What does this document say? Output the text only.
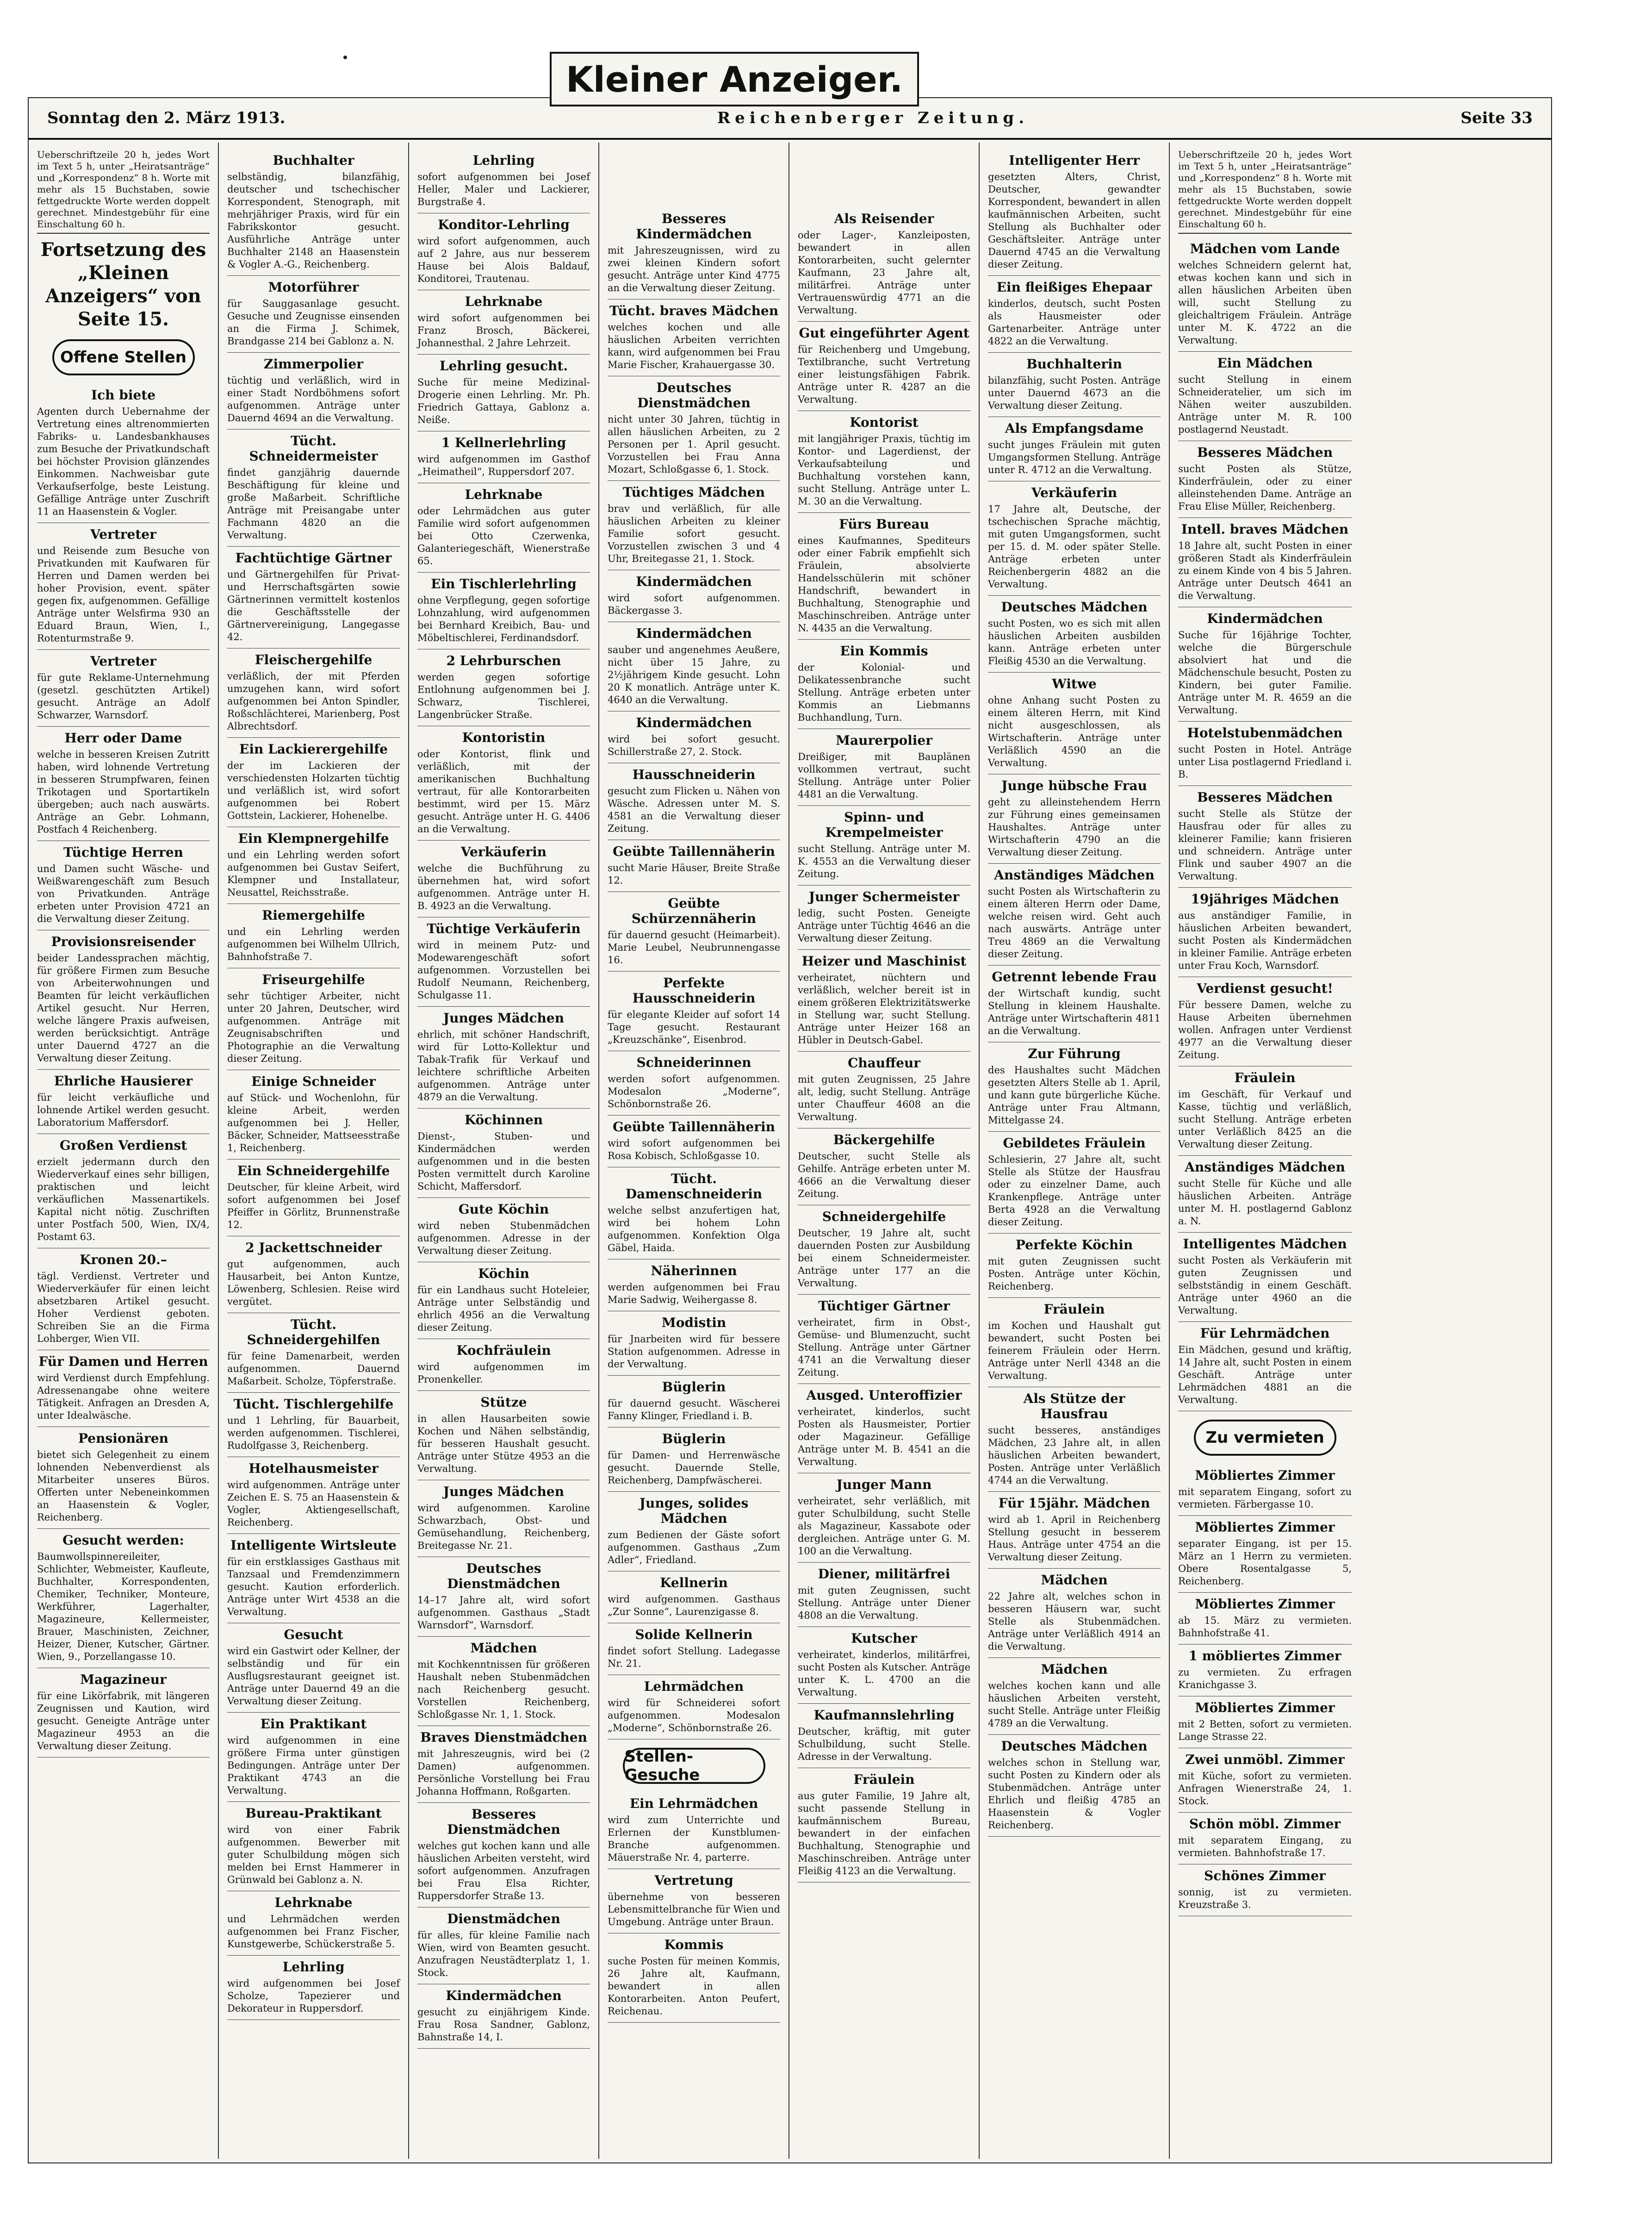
Sonntag den 2. März 1913.	Reichenberger Zeitung.	Seite 33
Ueberschriftzeile 20 h, jedes Wort im Text 5 h, unter „Heiratsanträge“ und „Korrespondenz“ 8 h. Worte mit mehr als 15 Buchstaben, sowie fettgedruckte Worte werden doppelt gerechnet. Mindestgebühr für eine Einschaltung 60 h.
Fortsetzung des „Kleinen Anzeigers“ von Seite 15.
Offene Stellen
Ich biete

Agenten durch Uebernahme der Vertretung eines altrenommierten Fabriks- u. Landesbankhauses zum Besuche der Privatkundschaft bei höchster Provision glänzendes Einkommen. Nachweisbar gute Verkaufserfolge, beste Leistung. Gefällige Anträge unter Zuschrift 11 an Haasenstein & Vogler.

Vertreter

und Reisende zum Besuche von Privatkunden mit Kaufwaren für Herren und Damen werden bei hoher Provision, event. später gegen fix, aufgenommen. Gefällige Anträge unter Welsfirma 930 an Eduard Braun, Wien, I., Rotenturmstraße 9.

Vertreter

für gute Reklame-Unternehmung (gesetzl. geschützten Artikel) gesucht. Anträge an Adolf Schwarzer, Warnsdorf.

Herr oder Dame

welche in besseren Kreisen Zutritt haben, wird lohnende Vertretung in besseren Strumpfwaren, feinen Trikotagen und Sportartikeln übergeben; auch nach auswärts. Anträge an Gebr. Lohmann, Postfach 4 Reichenberg.

Tüchtige Herren

und Damen sucht Wäsche- und Weißwarengeschäft zum Besuch von Privatkunden. Anträge erbeten unter Provision 4721 an die Verwaltung dieser Zeitung.

Provisionsreisender

beider Landessprachen mächtig, für größere Firmen zum Besuche von Arbeiterwohnungen und Beamten für leicht verkäuflichen Artikel gesucht. Nur Herren, welche längere Praxis aufweisen, werden berücksichtigt. Anträge unter Dauernd 4727 an die Verwaltung dieser Zeitung.

Ehrliche Hausierer

für leicht verkäufliche und lohnende Artikel werden gesucht. Laboratorium Maffersdorf.

Großen Verdienst

erzielt jedermann durch den Wiederverkauf eines sehr billigen, praktischen und leicht verkäuflichen Massenartikels. Kapital nicht nötig. Zuschriften unter Postfach 500, Wien, IX/4, Postamt 63.

Kronen 20.–

tägl. Verdienst. Vertreter und Wiederverkäufer für einen leicht absetzbaren Artikel gesucht. Hoher Verdienst geboten. Schreiben Sie an die Firma Lohberger, Wien VII.

Für Damen und Herren

wird Verdienst durch Empfehlung. Adressenangabe ohne weitere Tätigkeit. Anfragen an Dresden A, unter Idealwäsche.

Pensionären

bietet sich Gelegenheit zu einem lohnenden Nebenverdienst als Mitarbeiter unseres Büros. Offerten unter Nebeneinkommen an Haasenstein & Vogler, Reichenberg.

Gesucht werden:

Baumwollspinnereileiter, Schlichter, Webmeister, Kaufleute, Buchhalter, Korrespondenten, Chemiker, Techniker, Monteure, Werkführer, Lagerhalter, Magazineure, Kellermeister, Brauer, Maschinisten, Zeichner, Heizer, Diener, Kutscher, Gärtner. Wien, 9., Porzellangasse 10.

Magazineur

für eine Likörfabrik, mit längeren Zeugnissen und Kaution, wird gesucht. Geneigte Anträge unter Magazineur 4953 an die Verwaltung dieser Zeitung.

Buchhalter

selbständig, bilanzfähig, deutscher und tschechischer Korrespondent, Stenograph, mit mehrjähriger Praxis, wird für ein Fabrikskontor gesucht. Ausführliche Anträge unter Buchhalter 2148 an Haasenstein & Vogler A.-G., Reichenberg.

Motorführer

für Sauggasanlage gesucht. Gesuche und Zeugnisse einsenden an die Firma J. Schimek, Brandgasse 214 bei Gablonz a. N.

Zimmerpolier

tüchtig und verläßlich, wird in einer Stadt Nordböhmens sofort aufgenommen. Anträge unter Dauernd 4694 an die Verwaltung.

Tücht. Schneidermeister

findet ganzjährig dauernde Beschäftigung für kleine und große Maßarbeit. Schriftliche Anträge mit Preisangabe unter Fachmann 4820 an die Verwaltung.

Fachtüchtige Gärtner

und Gärtnergehilfen für Privat- und Herrschaftsgärten sowie Gärtnerinnen vermittelt kostenlos die Geschäftsstelle der Gärtnervereinigung, Langegasse 42.

Fleischergehilfe

verläßlich, der mit Pferden umzugehen kann, wird sofort aufgenommen bei Anton Spindler, Roßschlächterei, Marienberg, Post Albrechtsdorf.

Ein Lackierergehilfe

der im Lackieren der verschiedensten Holzarten tüchtig und verläßlich ist, wird sofort aufgenommen bei Robert Gottstein, Lackierer, Hohenelbe.

Ein Klempnergehilfe

und ein Lehrling werden sofort aufgenommen bei Gustav Seifert, Klempner und Installateur, Neusattel, Reichsstraße.

Riemergehilfe

und ein Lehrling werden aufgenommen bei Wilhelm Ullrich, Bahnhofstraße 7.

Friseurgehilfe

sehr tüchtiger Arbeiter, nicht unter 20 Jahren, Deutscher, wird aufgenommen. Anträge mit Zeugnisabschriften und Photographie an die Verwaltung dieser Zeitung.

Einige Schneider

auf Stück- und Wochenlohn, für kleine Arbeit, werden aufgenommen bei J. Heller, Bäcker, Schneider, Mattseesstraße 1, Reichenberg.

Ein Schneidergehilfe

Deutscher, für kleine Arbeit, wird sofort aufgenommen bei Josef Pfeiffer in Görlitz, Brunnenstraße 12.

2 Jackettschneider

gut aufgenommen, auch Hausarbeit, bei Anton Kuntze, Löwenberg, Schlesien. Reise wird vergütet.

Tücht. Schneidergehilfen

für feine Damenarbeit, werden aufgenommen. Dauernd Maßarbeit. Scholze, Töpferstraße.

Tücht. Tischlergehilfe

und 1 Lehrling, für Bauarbeit, werden aufgenommen. Tischlerei, Rudolfgasse 3, Reichenberg.

Hotelhausmeister

wird aufgenommen. Anträge unter Zeichen E. S. 75 an Haasenstein & Vogler, Aktiengesellschaft, Reichenberg.

Intelligente Wirtsleute

für ein erstklassiges Gasthaus mit Tanzsaal und Fremdenzimmern gesucht. Kaution erforderlich. Anträge unter Wirt 4538 an die Verwaltung.

Gesucht

wird ein Gastwirt oder Kellner, der selbständig und für ein Ausflugsrestaurant geeignet ist. Anträge unter Dauernd 49 an die Verwaltung dieser Zeitung.

Ein Praktikant

wird aufgenommen in eine größere Firma unter günstigen Bedingungen. Anträge unter Der Praktikant 4743 an die Verwaltung.

Bureau-Praktikant

wird von einer Fabrik aufgenommen. Bewerber mit guter Schulbildung mögen sich melden bei Ernst Hammerer in Grünwald bei Gablonz a. N.

Lehrknabe

und Lehrmädchen werden aufgenommen bei Franz Fischer, Kunstgewerbe, Schückerstraße 5.

Lehrling

wird aufgenommen bei Josef Scholze, Tapezierer und Dekorateur in Ruppersdorf.

Lehrling

sofort aufgenommen bei Josef Heller, Maler und Lackierer, Burgstraße 4.

Konditor-Lehrling

wird sofort aufgenommen, auch auf 2 Jahre, aus nur besserem Hause bei Alois Baldauf, Konditorei, Trautenau.

Lehrknabe

wird sofort aufgenommen bei Franz Brosch, Bäckerei, Johannesthal. 2 Jahre Lehrzeit.

Lehrling gesucht.

Suche für meine Medizinal-Drogerie einen Lehrling. Mr. Ph. Friedrich Gattaya, Gablonz a. Neiße.

1 Kellnerlehrling

wird aufgenommen im Gasthof „Heimatheil“, Ruppersdorf 207.

Lehrknabe

oder Lehrmädchen aus guter Familie wird sofort aufgenommen bei Otto Czerwenka, Galanteriegeschäft, Wienerstraße 65.

Ein Tischlerlehrling

ohne Verpflegung, gegen sofortige Lohnzahlung, wird aufgenommen bei Bernhard Kreibich, Bau- und Möbeltischlerei, Ferdinandsdorf.

2 Lehrburschen

werden gegen sofortige Entlohnung aufgenommen bei J. Schwarz, Tischlerei, Langenbrücker Straße.

Kontoristin

oder Kontorist, flink und verläßlich, mit der amerikanischen Buchhaltung vertraut, für alle Kontorarbeiten bestimmt, wird per 15. März gesucht. Anträge unter H. G. 4406 an die Verwaltung.

Verkäuferin

welche die Buchführung zu übernehmen hat, wird sofort aufgenommen. Anträge unter H. B. 4923 an die Verwaltung.

Tüchtige Verkäuferin

wird in meinem Putz- und Modewarengeschäft sofort aufgenommen. Vorzustellen bei Rudolf Neumann, Reichenberg, Schulgasse 11.

Junges Mädchen

ehrlich, mit schöner Handschrift, wird für Lotto-Kollektur und Tabak-Trafik für Verkauf und leichtere schriftliche Arbeiten aufgenommen. Anträge unter 4879 an die Verwaltung.

Köchinnen

Dienst-, Stuben- und Kindermädchen werden aufgenommen und in die besten Posten vermittelt durch Karoline Schicht, Maffersdorf.

Gute Köchin

wird neben Stubenmädchen aufgenommen. Adresse in der Verwaltung dieser Zeitung.

Köchin

für ein Landhaus sucht Hoteleier, Anträge unter Selbständig und ehrlich 4956 an die Verwaltung dieser Zeitung.

Kochfräulein

wird aufgenommen im Pronenkeller.

Stütze

in allen Hausarbeiten sowie Kochen und Nähen selbständig, für besseren Haushalt gesucht. Anträge unter Stütze 4953 an die Verwaltung.

Junges Mädchen

wird aufgenommen. Karoline Schwarzbach, Obst- und Gemüsehandlung, Reichenberg, Breitegasse Nr. 21.

Deutsches Dienstmädchen

14–17 Jahre alt, wird sofort aufgenommen. Gasthaus „Stadt Warnsdorf“, Warnsdorf.

Mädchen

mit Kochkenntnissen für größeren Haushalt neben Stubenmädchen nach Reichenberg gesucht. Vorstellen Reichenberg, Schloßgasse Nr. 1, 1. Stock.

Braves Dienstmädchen

mit Jahreszeugnis, wird bei (2 Damen) aufgenommen. Persönliche Vorstellung bei Frau Johanna Hoffmann, Roßgarten.

Besseres Dienstmädchen

welches gut kochen kann und alle häuslichen Arbeiten versteht, wird sofort aufgenommen. Anzufragen bei Frau Elsa Richter, Ruppersdorfer Straße 13.

Dienstmädchen

für alles, für kleine Familie nach Wien, wird von Beamten gesucht. Anzufragen Neustädterplatz 1, 1. Stock.

Kindermädchen

gesucht zu einjährigem Kinde. Frau Rosa Sandner, Gablonz, Bahnstraße 14, I.

Besseres Kindermädchen

mit Jahreszeugnissen, wird zu zwei kleinen Kindern sofort gesucht. Anträge unter Kind 4775 an die Verwaltung dieser Zeitung.

Tücht. braves Mädchen

welches kochen und alle häuslichen Arbeiten verrichten kann, wird aufgenommen bei Frau Marie Fischer, Krahauergasse 30.

Deutsches Dienstmädchen

nicht unter 30 Jahren, tüchtig in allen häuslichen Arbeiten, zu 2 Personen per 1. April gesucht. Vorzustellen bei Frau Anna Mozart, Schloßgasse 6, 1. Stock.

Tüchtiges Mädchen

brav und verläßlich, für alle häuslichen Arbeiten zu kleiner Familie sofort gesucht. Vorzustellen zwischen 3 und 4 Uhr, Breitegasse 21, 1. Stock.

Kindermädchen

wird sofort aufgenommen. Bäckergasse 3.

Kindermädchen

sauber und angenehmes Aeußere, nicht über 15 Jahre, zu 2½jährigem Kinde gesucht. Lohn 20 K monatlich. Anträge unter K. 4640 an die Verwaltung.

Kindermädchen

wird bei sofort gesucht. Schillerstraße 27, 2. Stock.

Hausschneiderin

gesucht zum Flicken u. Nähen von Wäsche. Adressen unter M. S. 4581 an die Verwaltung dieser Zeitung.

Geübte Taillennäherin

sucht Marie Häuser, Breite Straße 12.

Geübte Schürzennäherin

für dauernd gesucht (Heimarbeit). Marie Leubel, Neubrunnengasse 16.

Perfekte Hausschneiderin

für elegante Kleider auf sofort 14 Tage gesucht. Restaurant „Kreuzschänke“, Eisenbrod.

Schneiderinnen

werden sofort aufgenommen. Modesalon „Moderne“, Schönbornstraße 26.

Geübte Taillennäherin

wird sofort aufgenommen bei Rosa Kobisch, Schloßgasse 10.

Tücht. Damenschneiderin

welche selbst anzufertigen hat, wird bei hohem Lohn aufgenommen. Konfektion Olga Gäbel, Haida.

Näherinnen

werden aufgenommen bei Frau Marie Sadwig, Weihergasse 8.

Modistin

für Jnarbeiten wird für bessere Station aufgenommen. Adresse in der Verwaltung.

Büglerin

für dauernd gesucht. Wäscherei Fanny Klinger, Friedland i. B.

Büglerin

für Damen- und Herrenwäsche gesucht. Dauernde Stelle, Reichenberg, Dampfwäscherei.

Junges, solides Mädchen

zum Bedienen der Gäste sofort aufgenommen. Gasthaus „Zum Adler“, Friedland.

Kellnerin

wird aufgenommen. Gasthaus „Zur Sonne“, Laurenzigasse 8.

Solide Kellnerin

findet sofort Stellung. Ladegasse Nr. 21.

Lehrmädchen

wird für Schneiderei sofort aufgenommen. Modesalon „Moderne“, Schönbornstraße 26.

Stellen-Gesuche
Ein Lehrmädchen

wird zum Unterrichte und Erlernen der Kunstblumen-Branche aufgenommen. Mäuerstraße Nr. 4, parterre.

Vertretung

übernehme von besseren Lebensmittelbranche für Wien und Umgebung. Anträge unter Braun.

Kommis

suche Posten für meinen Kommis, 26 Jahre alt, Kaufmann, bewandert in allen Kontorarbeiten. Anton Peufert, Reichenau.

Als Reisender

oder Lager-, Kanzleiposten, bewandert in allen Kontorarbeiten, sucht gelernter Kaufmann, 23 Jahre alt, militärfrei. Anträge unter Vertrauenswürdig 4771 an die Verwaltung.

Gut eingeführter Agent

für Reichenberg und Umgebung, Textilbranche, sucht Vertretung einer leistungsfähigen Fabrik. Anträge unter R. 4287 an die Verwaltung.

Kontorist

mit langjähriger Praxis, tüchtig im Kontor- und Lagerdienst, der Verkaufsabteilung und Buchhaltung vorstehen kann, sucht Stellung. Anträge unter L. M. 30 an die Verwaltung.

Fürs Bureau

eines Kaufmannes, Spediteurs oder einer Fabrik empfiehlt sich Fräulein, absolvierte Handelsschülerin mit schöner Handschrift, bewandert in Buchhaltung, Stenographie und Maschinschreiben. Anträge unter N. 4435 an die Verwaltung.

Ein Kommis

der Kolonial- und Delikatessenbranche sucht Stellung. Anträge erbeten unter Kommis an Liebmanns Buchhandlung, Turn.

Maurerpolier

Dreißiger, mit Bauplänen vollkommen vertraut, sucht Stellung. Anträge unter Polier 4481 an die Verwaltung.

Spinn- und Krempelmeister

sucht Stellung. Anträge unter M. K. 4553 an die Verwaltung dieser Zeitung.

Junger Schermeister

ledig, sucht Posten. Geneigte Anträge unter Tüchtig 4646 an die Verwaltung dieser Zeitung.

Heizer und Maschinist

verheiratet, nüchtern und verläßlich, welcher bereit ist in einem größeren Elektrizitätswerke in Stellung war, sucht Stellung. Anträge unter Heizer 168 an Hübler in Deutsch-Gabel.

Chauffeur

mit guten Zeugnissen, 25 Jahre alt, ledig, sucht Stellung. Anträge unter Chauffeur 4608 an die Verwaltung.

Bäckergehilfe

Deutscher, sucht Stelle als Gehilfe. Anträge erbeten unter M. 4666 an die Verwaltung dieser Zeitung.

Schneidergehilfe

Deutscher, 19 Jahre alt, sucht dauernden Posten zur Ausbildung bei einem Schneidermeister. Anträge unter 177 an die Verwaltung.

Tüchtiger Gärtner

verheiratet, firm in Obst-, Gemüse- und Blumenzucht, sucht Stellung. Anträge unter Gärtner 4741 an die Verwaltung dieser Zeitung.

Ausged. Unteroffizier

verheiratet, kinderlos, sucht Posten als Hausmeister, Portier oder Magazineur. Gefällige Anträge unter M. B. 4541 an die Verwaltung.

Junger Mann

verheiratet, sehr verläßlich, mit guter Schulbildung, sucht Stelle als Magazineur, Kassabote oder dergleichen. Anträge unter G. M. 100 an die Verwaltung.

Diener, militärfrei

mit guten Zeugnissen, sucht Stellung. Anträge unter Diener 4808 an die Verwaltung.

Kutscher

verheiratet, kinderlos, militärfrei, sucht Posten als Kutscher. Anträge unter K. L. 4700 an die Verwaltung.

Kaufmannslehrling

Deutscher, kräftig, mit guter Schulbildung, sucht Stelle. Adresse in der Verwaltung.

Fräulein

aus guter Familie, 19 Jahre alt, sucht passende Stellung in kaufmännischem Bureau, bewandert in der einfachen Buchhaltung, Stenographie und Maschinschreiben. Anträge unter Fleißig 4123 an die Verwaltung.

Intelligenter Herr

gesetzten Alters, Christ, Deutscher, gewandter Korrespondent, bewandert in allen kaufmännischen Arbeiten, sucht Stellung als Buchhalter oder Geschäftsleiter. Anträge unter Dauernd 4745 an die Verwaltung dieser Zeitung.

Ein fleißiges Ehepaar

kinderlos, deutsch, sucht Posten als Hausmeister oder Gartenarbeiter. Anträge unter 4822 an die Verwaltung.

Buchhalterin

bilanzfähig, sucht Posten. Anträge unter Dauernd 4673 an die Verwaltung dieser Zeitung.

Als Empfangsdame

sucht junges Fräulein mit guten Umgangsformen Stellung. Anträge unter R. 4712 an die Verwaltung.

Verkäuferin

17 Jahre alt, Deutsche, der tschechischen Sprache mächtig, mit guten Umgangsformen, sucht per 15. d. M. oder später Stelle. Anträge erbeten unter Reichenbergerin 4882 an die Verwaltung.

Deutsches Mädchen

sucht Posten, wo es sich mit allen häuslichen Arbeiten ausbilden kann. Anträge erbeten unter Fleißig 4530 an die Verwaltung.

Witwe

ohne Anhang sucht Posten zu einem älteren Herrn, mit Kind nicht ausgeschlossen, als Wirtschafterin. Anträge unter Verläßlich 4590 an die Verwaltung.

Junge hübsche Frau

geht zu alleinstehendem Herrn zur Führung eines gemeinsamen Haushaltes. Anträge unter Wirtschafterin 4790 an die Verwaltung dieser Zeitung.

Anständiges Mädchen

sucht Posten als Wirtschafterin zu einem älteren Herrn oder Dame, welche reisen wird. Geht auch nach auswärts. Anträge unter Treu 4869 an die Verwaltung dieser Zeitung.

Getrennt lebende Frau

der Wirtschaft kundig, sucht Stellung in kleinem Haushalte. Anträge unter Wirtschafterin 4811 an die Verwaltung.

Zur Führung

des Haushaltes sucht Mädchen gesetzten Alters Stelle ab 1. April, und kann gute bürgerliche Küche. Anträge unter Frau Altmann, Mittelgasse 24.

Gebildetes Fräulein

Schlesierin, 27 Jahre alt, sucht Stelle als Stütze der Hausfrau oder zu einzelner Dame, auch Krankenpflege. Anträge unter Berta 4928 an die Verwaltung dieser Zeitung.

Perfekte Köchin

mit guten Zeugnissen sucht Posten. Anträge unter Köchin, Reichenberg.

Fräulein

im Kochen und Haushalt gut bewandert, sucht Posten bei feinerem Fräulein oder Herrn. Anträge unter Nerll 4348 an die Verwaltung.

Als Stütze der Hausfrau

sucht besseres, anständiges Mädchen, 23 Jahre alt, in allen häuslichen Arbeiten bewandert, Posten. Anträge unter Verläßlich 4744 an die Verwaltung.

Für 15jähr. Mädchen

wird ab 1. April in Reichenberg Stellung gesucht in besserem Haus. Anträge unter 4754 an die Verwaltung dieser Zeitung.

Mädchen

22 Jahre alt, welches schon in besseren Häusern war, sucht Stelle als Stubenmädchen. Anträge unter Verläßlich 4914 an die Verwaltung.

Mädchen

welches kochen kann und alle häuslichen Arbeiten versteht, sucht Stelle. Anträge unter Fleißig 4789 an die Verwaltung.

Deutsches Mädchen

welches schon in Stellung war, sucht Posten zu Kindern oder als Stubenmädchen. Anträge unter Ehrlich und fleißig 4785 an Haasenstein & Vogler Reichenberg.

Ueberschriftzeile 20 h, jedes Wort im Text 5 h, unter „Heiratsanträge“ und „Korrespondenz“ 8 h. Worte mit mehr als 15 Buchstaben, sowie fettgedruckte Worte werden doppelt gerechnet. Mindestgebühr für eine Einschaltung 60 h.
Mädchen vom Lande

welches Schneidern gelernt hat, etwas kochen kann und sich in allen häuslichen Arbeiten üben will, sucht Stellung zu gleichaltrigem Fräulein. Anträge unter M. K. 4722 an die Verwaltung.

Ein Mädchen

sucht Stellung in einem Schneideratelier, um sich im Nähen weiter auszubilden. Anträge unter M. R. 100 postlagernd Neustadt.

Besseres Mädchen

sucht Posten als Stütze, Kinderfräulein, oder zu einer alleinstehenden Dame. Anträge an Frau Elise Müller, Reichenberg.

Intell. braves Mädchen

18 Jahre alt, sucht Posten in einer größeren Stadt als Kinderfräulein zu einem Kinde von 4 bis 5 Jahren. Anträge unter Deutsch 4641 an die Verwaltung.

Kindermädchen

Suche für 16jährige Tochter, welche die Bürgerschule absolviert hat und die Mädchenschule besucht, Posten zu Kindern, bei guter Familie. Anträge unter M. R. 4659 an die Verwaltung.

Hotelstubenmädchen

sucht Posten in Hotel. Anträge unter Lisa postlagernd Friedland i. B.

Besseres Mädchen

sucht Stelle als Stütze der Hausfrau oder für alles zu kleinerer Familie; kann frisieren und schneidern. Anträge unter Flink und sauber 4907 an die Verwaltung.

19jähriges Mädchen

aus anständiger Familie, in häuslichen Arbeiten bewandert, sucht Posten als Kindermädchen in kleiner Familie. Anträge erbeten unter Frau Koch, Warnsdorf.

Verdienst gesucht!

Für bessere Damen, welche zu Hause Arbeiten übernehmen wollen. Anfragen unter Verdienst 4977 an die Verwaltung dieser Zeitung.

Fräulein

im Geschäft, für Verkauf und Kasse, tüchtig und verläßlich, sucht Stellung. Anträge erbeten unter Verläßlich 8425 an die Verwaltung dieser Zeitung.

Anständiges Mädchen

sucht Stelle für Küche und alle häuslichen Arbeiten. Anträge unter M. H. postlagernd Gablonz a. N.

Intelligentes Mädchen

sucht Posten als Verkäuferin mit guten Zeugnissen und selbstständig in einem Geschäft. Anträge unter 4960 an die Verwaltung.

Für Lehrmädchen

Ein Mädchen, gesund und kräftig, 14 Jahre alt, sucht Posten in einem Geschäft. Anträge unter Lehrmädchen 4881 an die Verwaltung.

Zu vermieten
Möbliertes Zimmer

mit separatem Eingang, sofort zu vermieten. Färbergasse 10.

Möbliertes Zimmer

separater Eingang, ist per 15. März an 1 Herrn zu vermieten. Obere Rosentalgasse 5, Reichenberg.

Möbliertes Zimmer

ab 15. März zu vermieten. Bahnhofstraße 41.

1 möbliertes Zimmer

zu vermieten. Zu erfragen Kranichgasse 3.

Möbliertes Zimmer

mit 2 Betten, sofort zu vermieten. Lange Strasse 22.

Zwei unmöbl. Zimmer

mit Küche, sofort zu vermieten. Anfragen Wienerstraße 24, 1. Stock.

Schön möbl. Zimmer

mit separatem Eingang, zu vermieten. Bahnhofstraße 17.

Schönes Zimmer

sonnig, ist zu vermieten. Kreuzstraße 3.

Kleiner Anzeiger.
